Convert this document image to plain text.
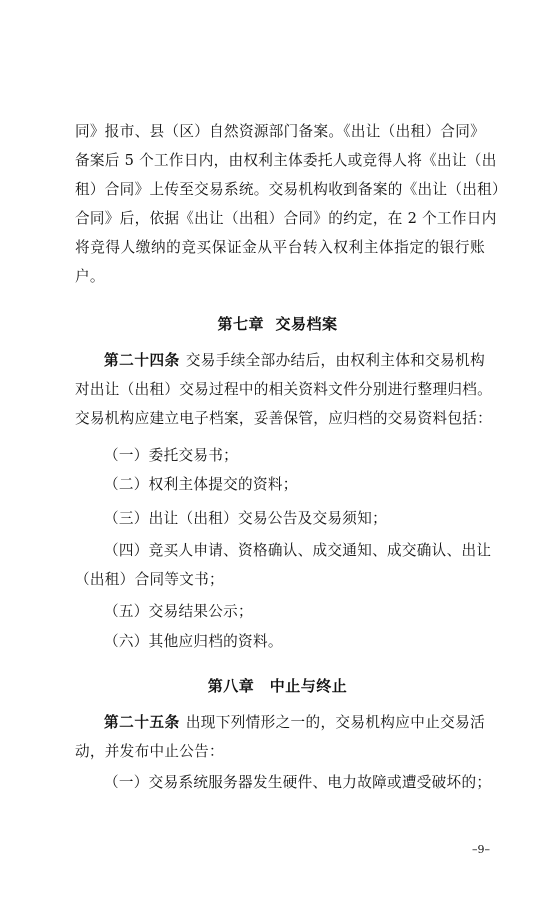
同》报市、县（区）自然资源部门备案。《出让（出租）合同》
备案后 5 个工作日内，由权利主体委托人或竞得人将《出让（出
租）合同》上传至交易系统。交易机构收到备案的《出让（出租）
合同》后，依据《出让（出租）合同》的约定，在 2 个工作日内
将竞得人缴纳的竞买保证金从平台转入权利主体指定的银行账
户。
第七章  交易档案
第二十四条 交易手续全部办结后，由权利主体和交易机构
对出让（出租）交易过程中的相关资料文件分别进行整理归档。
交易机构应建立电子档案，妥善保管，应归档的交易资料包括：
（一）委托交易书；
（二）权利主体提交的资料；
（三）出让（出租）交易公告及交易须知；
（四）竞买人申请、资格确认、成交通知、成交确认、出让
（出租）合同等文书；
（五）交易结果公示；
（六）其他应归档的资料。
第八章　中止与终止
第二十五条 出现下列情形之一的，交易机构应中止交易活
动，并发布中止公告：
（一）交易系统服务器发生硬件、电力故障或遭受破坏的；
–9–
